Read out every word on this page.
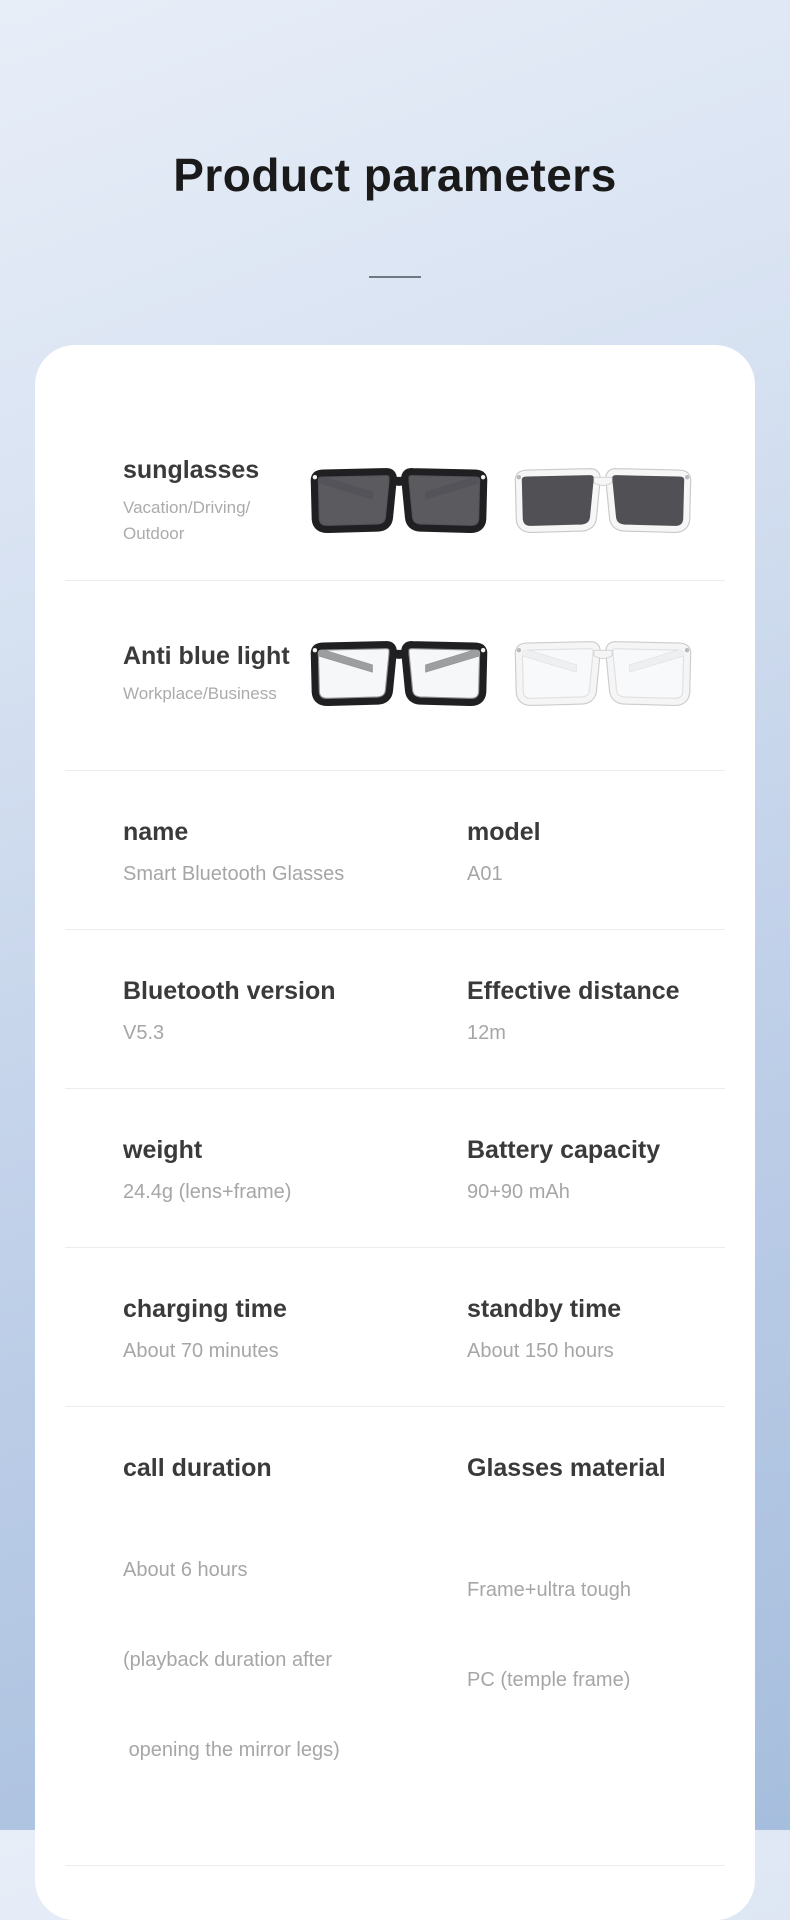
Product parameters
sunglasses
Vacation/Driving/
Outdoor
Anti blue light
Workplace/Business
name
Smart Bluetooth Glasses
model
A01
Bluetooth version
V5.3
Effective distance
12m
weight
24.4g (lens+frame)
Battery capacity
90+90 mAh
charging time
About 70 minutes
standby time
About 150 hours
call duration

About 6 hours

(playback duration after

opening the mirror legs)

Glasses material

Frame+ultra tough

PC (temple frame)
